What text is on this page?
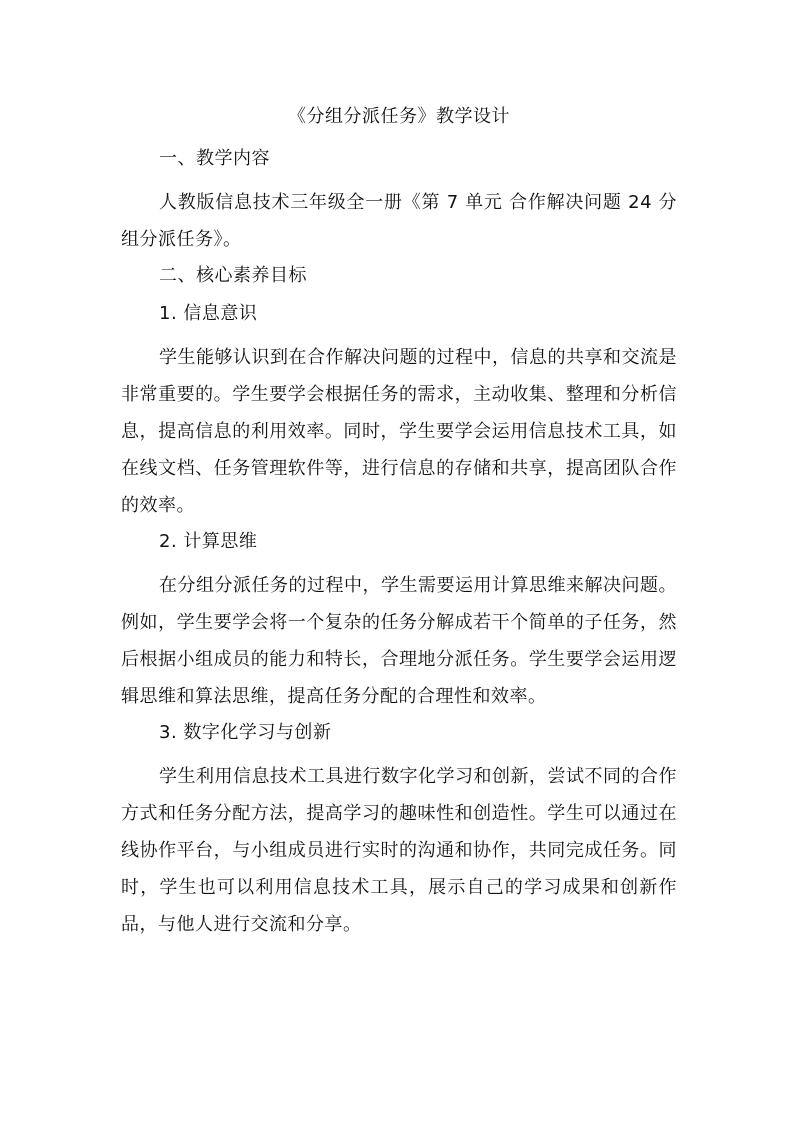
《分组分派任务》教学设计
一、教学内容

人教版信息技术三年级全一册《第 7 单元 合作解决问题 24 分组分派任务》。

二、核心素养目标
1. 信息意识

学生能够认识到在合作解决问题的过程中，信息的共享和交流是非常重要的。学生要学会根据任务的需求，主动收集、整理和分析信息，提高信息的利用效率。同时，学生要学会运用信息技术工具，如在线文档、任务管理软件等，进行信息的存储和共享，提高团队合作的效率。

2. 计算思维

在分组分派任务的过程中，学生需要运用计算思维来解决问题。例如，学生要学会将一个复杂的任务分解成若干个简单的子任务，然后根据小组成员的能力和特长，合理地分派任务。学生要学会运用逻辑思维和算法思维，提高任务分配的合理性和效率。

3. 数字化学习与创新

学生利用信息技术工具进行数字化学习和创新，尝试不同的合作方式和任务分配方法，提高学习的趣味性和创造性。学生可以通过在线协作平台，与小组成员进行实时的沟通和协作，共同完成任务。同时，学生也可以利用信息技术工具，展示自己的学习成果和创新作品，与他人进行交流和分享。
